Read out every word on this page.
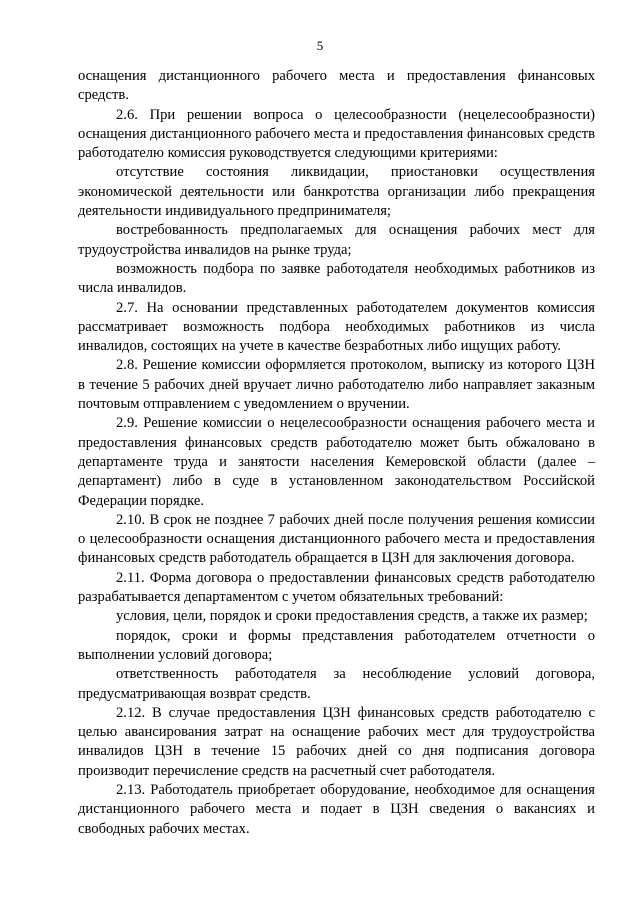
5

оснащения дистанционного рабочего места и предоставления финансовых средств.

2.6. При решении вопроса о целесообразности (нецелесообразности) оснащения дистанционного рабочего места и предоставления финансовых средств работодателю комиссия руководствуется следующими критериями:

отсутствие состояния ликвидации, приостановки осуществления экономической деятельности или банкротства организации либо прекращения деятельности индивидуального предпринимателя;

востребованность предполагаемых для оснащения рабочих мест для трудоустройства инвалидов на рынке труда;

возможность подбора по заявке работодателя необходимых работников из числа инвалидов.

2.7. На основании представленных работодателем документов комиссия рассматривает возможность подбора необходимых работников из числа инвалидов, состоящих на учете в качестве безработных либо ищущих работу.

2.8. Решение комиссии оформляется протоколом, выписку из которого ЦЗН в течение 5 рабочих дней вручает лично работодателю либо направляет заказным почтовым отправлением с уведомлением о вручении.

2.9. Решение комиссии о нецелесообразности оснащения рабочего места и предоставления финансовых средств работодателю может быть обжаловано в департаменте труда и занятости населения Кемеровской области (далее – департамент) либо в суде в установленном законодательством Российской Федерации порядке.

2.10. В срок не позднее 7 рабочих дней после получения решения комиссии о целесообразности оснащения дистанционного рабочего места и предоставления финансовых средств работодатель обращается в ЦЗН для заключения договора.

2.11. Форма договора о предоставлении финансовых средств работодателю разрабатывается департаментом с учетом обязательных требований:

условия, цели, порядок и сроки предоставления средств, а также их размер;

порядок, сроки и формы представления работодателем отчетности о выполнении условий договора;

ответственность работодателя за несоблюдение условий договора, предусматривающая возврат средств.

2.12. В случае предоставления ЦЗН финансовых средств работодателю с целью авансирования затрат на оснащение рабочих мест для трудоустройства инвалидов ЦЗН в течение 15 рабочих дней со дня подписания договора производит перечисление средств на расчетный счет работодателя.

2.13. Работодатель приобретает оборудование, необходимое для оснащения дистанционного рабочего места и подает в ЦЗН сведения о вакансиях и свободных рабочих местах.
